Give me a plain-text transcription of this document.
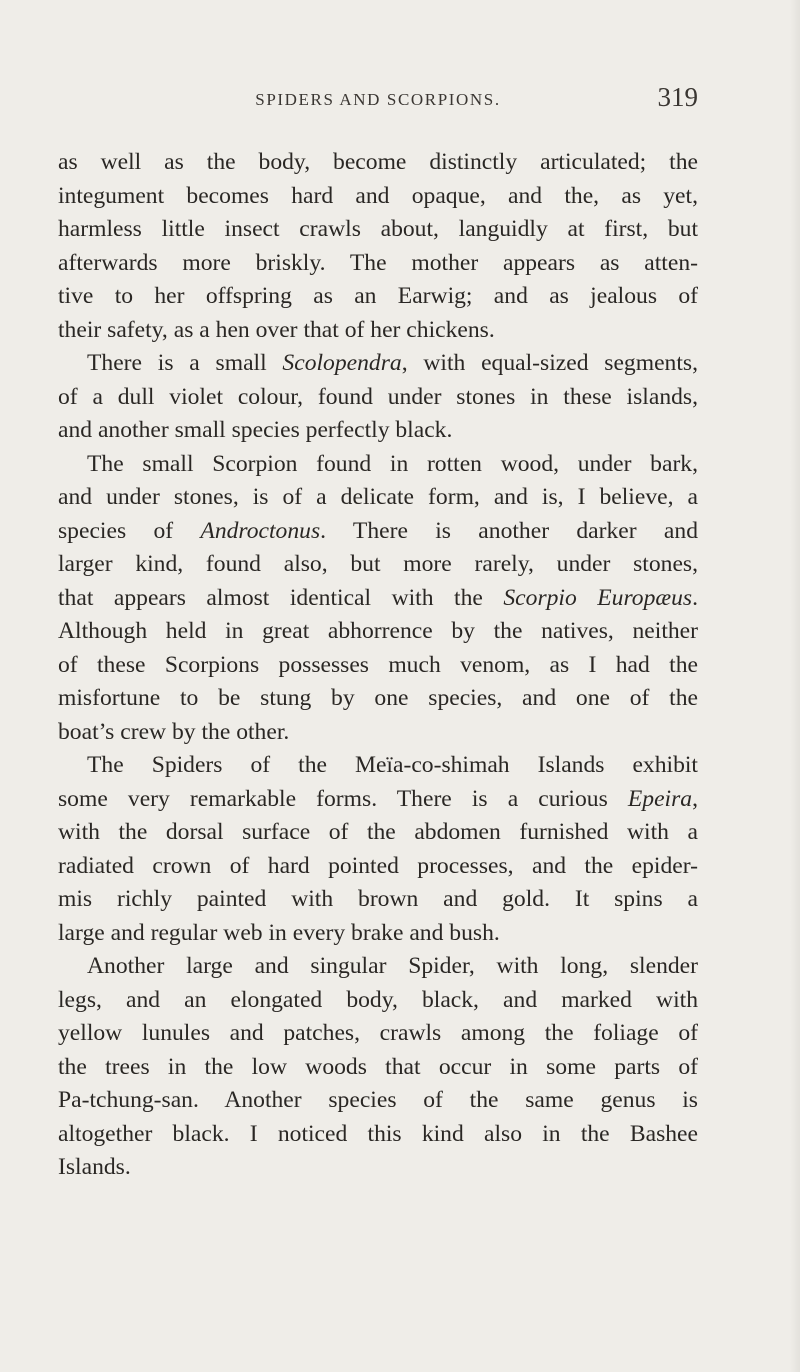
SPIDERS AND SCORPIONS.	319
as well as the body, become distinctly articulated; the
integument becomes hard and opaque, and the, as yet,
harmless little insect crawls about, languidly at first, but
afterwards more briskly. The mother appears as atten-
tive to her offspring as an Earwig; and as jealous of
their safety, as a hen over that of her chickens.
There is a small Scolopendra, with equal-sized segments,
of a dull violet colour, found under stones in these islands,
and another small species perfectly black.
The small Scorpion found in rotten wood, under bark,
and under stones, is of a delicate form, and is, I believe, a
species of Androctonus. There is another darker and
larger kind, found also, but more rarely, under stones,
that appears almost identical with the Scorpio Europæus.
Although held in great abhorrence by the natives, neither
of these Scorpions possesses much venom, as I had the
misfortune to be stung by one species, and one of the
boat’s crew by the other.
The Spiders of the Meïa-co-shimah Islands exhibit
some very remarkable forms. There is a curious Epeira,
with the dorsal surface of the abdomen furnished with a
radiated crown of hard pointed processes, and the epider-
mis richly painted with brown and gold. It spins a
large and regular web in every brake and bush.
Another large and singular Spider, with long, slender
legs, and an elongated body, black, and marked with
yellow lunules and patches, crawls among the foliage of
the trees in the low woods that occur in some parts of
Pa-tchung-san. Another species of the same genus is
altogether black. I noticed this kind also in the Bashee
Islands.
